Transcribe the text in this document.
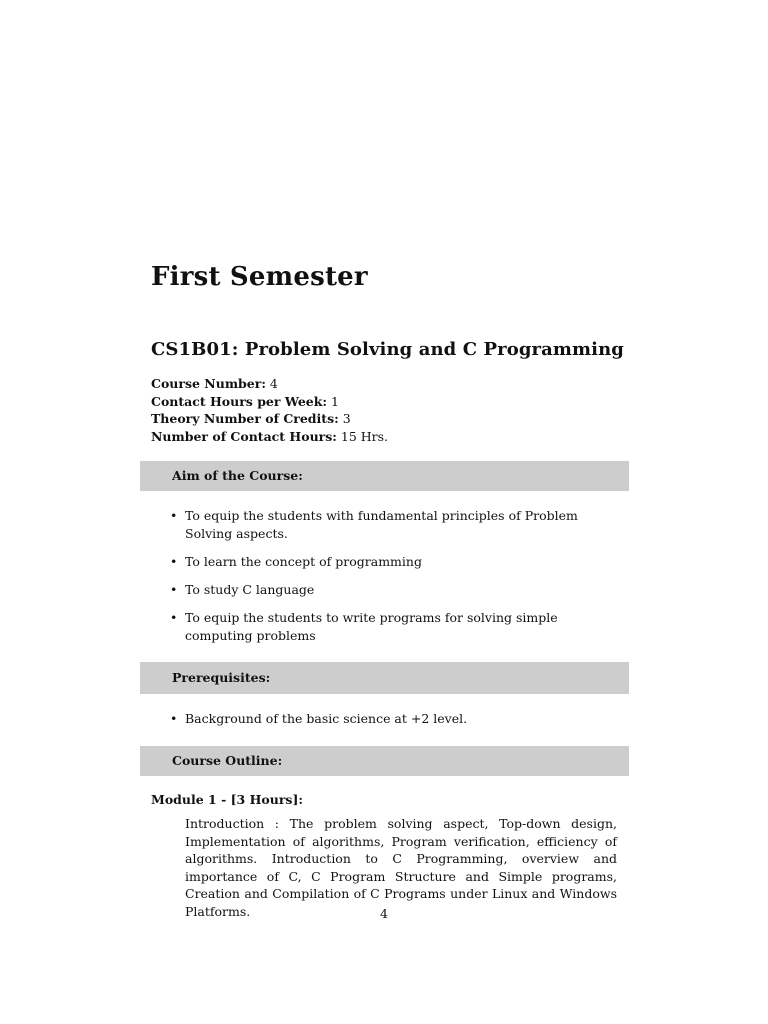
First Semester
CS1B01: Problem Solving and C Programming
Course Number: 4
Contact Hours per Week: 1
Theory Number of Credits: 3
Number of Contact Hours: 15 Hrs.
Aim of the Course:
• To equip the students with fundamental principles of Problem Solving aspects.
• To learn the concept of programming
• To study C language
• To equip the students to write programs for solving simple computing problems
Prerequisites:
• Background of the basic science at +2 level.
Course Outline:
Module 1 - [3 Hours]:

Introduction : The problem solving aspect, Top-down design, Implementation of algorithms, Program verification, efficiency of algorithms. Introduction to C Programming, overview and importance of C, C Program Structure and Simple programs, Creation and Compilation of C Programs under Linux and Windows Platforms.	4
